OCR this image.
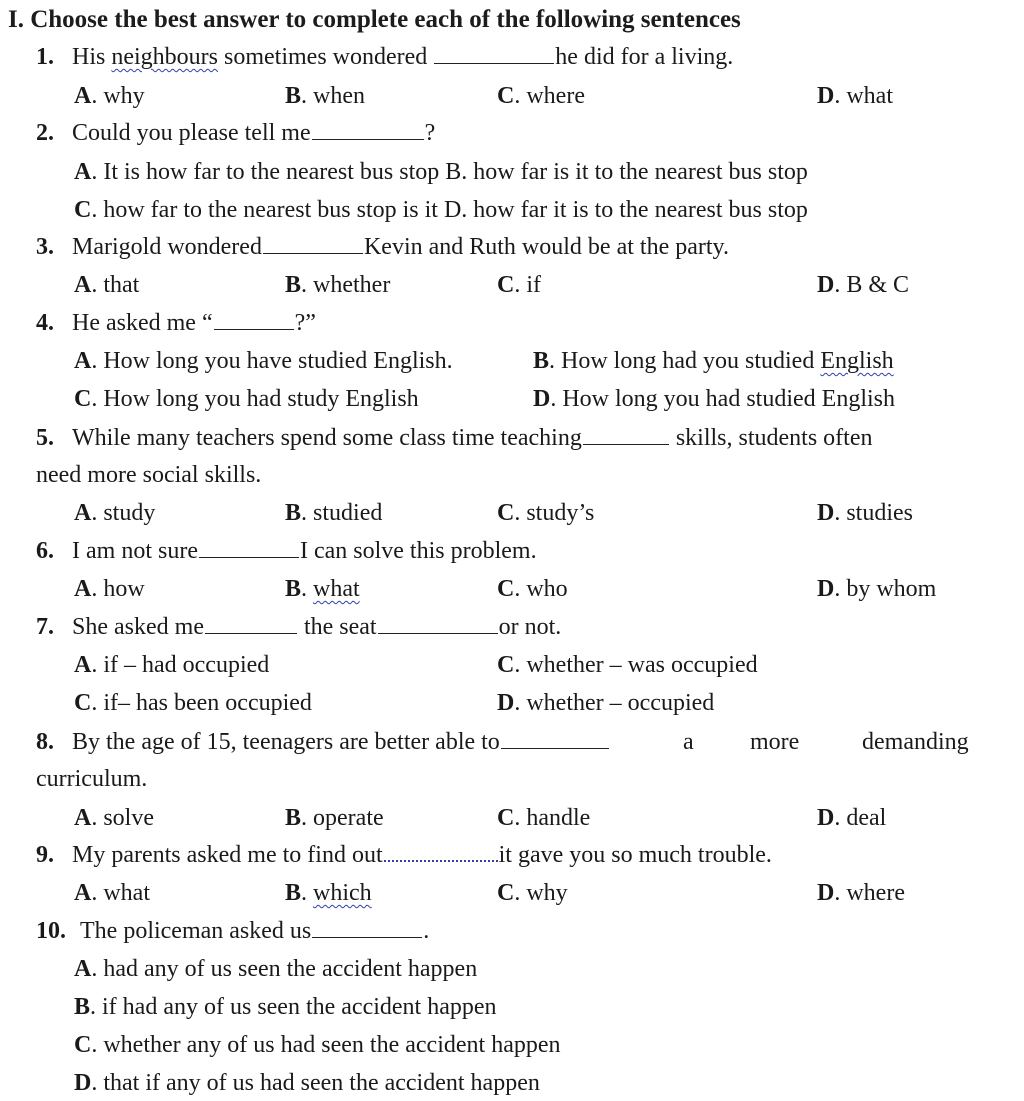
I. Choose the best answer to complete each of the following sentences
1. His neighbours sometimes wondered	he did for a living.
A. why	B. when	C. where	D. what
2. Could you please tell me	?
A. It is how far to the nearest bus stop B. how far is it to the nearest bus stop
C. how far to the nearest bus stop is it D. how far it is to the nearest bus stop
3. Marigold wondered	Kevin and Ruth would be at the party.
A. that	B. whether	C. if	D. B & C
4. He asked me “	?”
A. How long you have studied English.	B. How long had you studied English
C. How long you had study English	D. How long you had studied English
5. While many teachers spend some class time teaching	skills, students often
need more social skills.
A. study	B. studied	C. study’s	D. studies
6. I am not sure	I can solve this problem.
A. how	B. what	C. who	D. by whom
7. She asked me	the seat	or not.
A. if – had occupied	C. whether – was occupied
C. if– has been occupied	D. whether – occupied
8. By the age of 15, teenagers are better able to	a more	demanding
curriculum.
A. solve	B. operate	C. handle	D. deal
9. My parents asked me to find out	it gave you so much trouble.
A. what	B. which	C. why	D. where
10. The policeman asked us	.
A. had any of us seen the accident happen
B. if had any of us seen the accident happen
C. whether any of us had seen the accident happen
D. that if any of us had seen the accident happen
